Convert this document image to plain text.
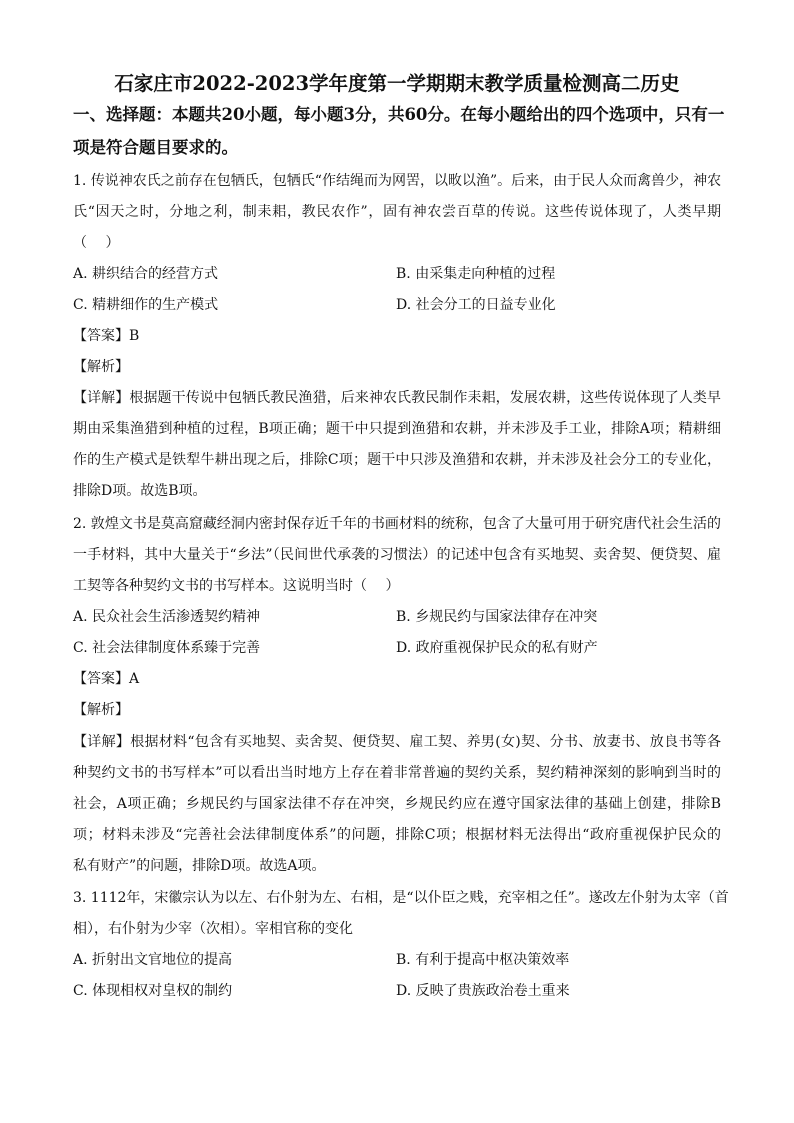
石家庄市2022-2023学年度第一学期期末教学质量检测高二历史
一、选择题：本题共20小题，每小题3分，共60分。在每小题给出的四个选项中，只有一
项是符合题目要求的。
1. 传说神农氏之前存在包牺氏，包牺氏“作结绳而为网罟，以畋以渔”。后来，由于民人众而禽兽少，神农
氏“因天之时，分地之利，制耒耜，教民农作”，固有神农尝百草的传说。这些传说体现了，人类早期
（　 ）
A. 耕织结合的经营方式	B. 由采集走向种植的过程
C. 精耕细作的生产模式	D. 社会分工的日益专业化
【答案】B
【解析】
【详解】根据题干传说中包牺氏教民渔猎，后来神农氏教民制作耒耜，发展农耕，这些传说体现了人类早
期由采集渔猎到种植的过程，B项正确；题干中只提到渔猎和农耕，并未涉及手工业，排除A项；精耕细
作的生产模式是铁犁牛耕出现之后，排除C项；题干中只涉及渔猎和农耕，并未涉及社会分工的专业化，
排除D项。故选B项。
2. 敦煌文书是莫高窟藏经洞内密封保存近千年的书画材料的统称，包含了大量可用于研究唐代社会生活的
一手材料，其中大量关于“乡法”（民间世代承袭的习惯法）的记述中包含有买地契、卖舍契、便贷契、雇
工契等各种契约文书的书写样本。这说明当时（　 ）
A. 民众社会生活渗透契约精神	B. 乡规民约与国家法律存在冲突
C. 社会法律制度体系臻于完善	D. 政府重视保护民众的私有财产
【答案】A
【解析】
【详解】根据材料“包含有买地契、卖舍契、便贷契、雇工契、养男(女)契、分书、放妻书、放良书等各
种契约文书的书写样本”可以看出当时地方上存在着非常普遍的契约关系，契约精神深刻的影响到当时的
社会，A项正确；乡规民约与国家法律不存在冲突，乡规民约应在遵守国家法律的基础上创建，排除B
项；材料未涉及“完善社会法律制度体系”的问题，排除C项；根据材料无法得出“政府重视保护民众的
私有财产”的问题，排除D项。故选A项。
3. 1112年，宋徽宗认为以左、右仆射为左、右相，是“以仆臣之贱，充宰相之任”。遂改左仆射为太宰（首
相），右仆射为少宰（次相）。宰相官称的变化
A. 折射出文官地位的提高	B. 有利于提高中枢决策效率
C. 体现相权对皇权的制约	D. 反映了贵族政治卷土重来
